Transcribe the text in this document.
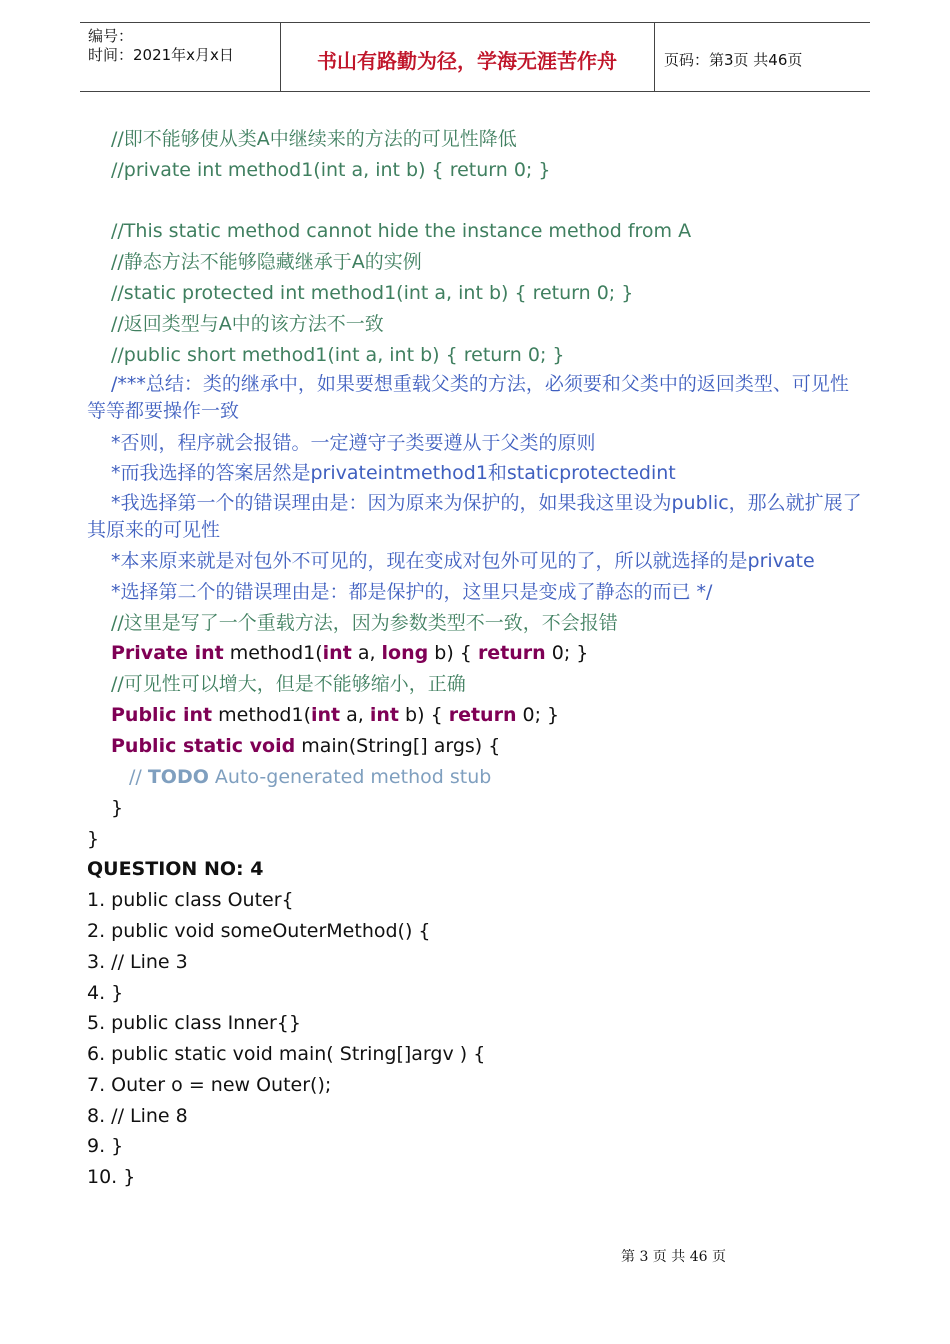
编号：
时间：2021年x月x日	书山有路勤为径，学海无涯苦作舟	页码：第3页 共46页
//即不能够使从类A中继续来的方法的可见性降低
//private int method1(int a, int b) { return 0; }
//This static method cannot hide the instance method from A
//静态方法不能够隐藏继承于A的实例
//static protected int method1(int a, int b) { return 0; }
//返回类型与A中的该方法不一致
//public short method1(int a, int b) { return 0; }
/***总结：类的继承中，如果要想重载父类的方法，必须要和父类中的返回类型、可见性等等都要操作一致
*否则，程序就会报错。一定遵守子类要遵从于父类的原则
*而我选择的答案居然是privateintmethod1和staticprotectedint
*我选择第一个的错误理由是：因为原来为保护的，如果我这里设为public，那么就扩展了其原来的可见性
*本来原来就是对包外不可见的，现在变成对包外可见的了，所以就选择的是private
*选择第二个的错误理由是：都是保护的，这里只是变成了静态的而已 */
//这里是写了一个重载方法，因为参数类型不一致，不会报错
Private int method1(int a, long b) { return 0; }
//可见性可以增大，但是不能够缩小，正确
Public int method1(int a, int b) { return 0; }
Public static void main(String[] args) {
// TODO Auto-generated method stub
}
}
QUESTION NO: 4
1. public class Outer{
2. public void someOuterMethod() {
3. // Line 3
4. }
5. public class Inner{}
6. public static void main( String[]argv ) {
7. Outer o = new Outer();
8. // Line 8
9. }
10. }
第 3 页 共 46 页
